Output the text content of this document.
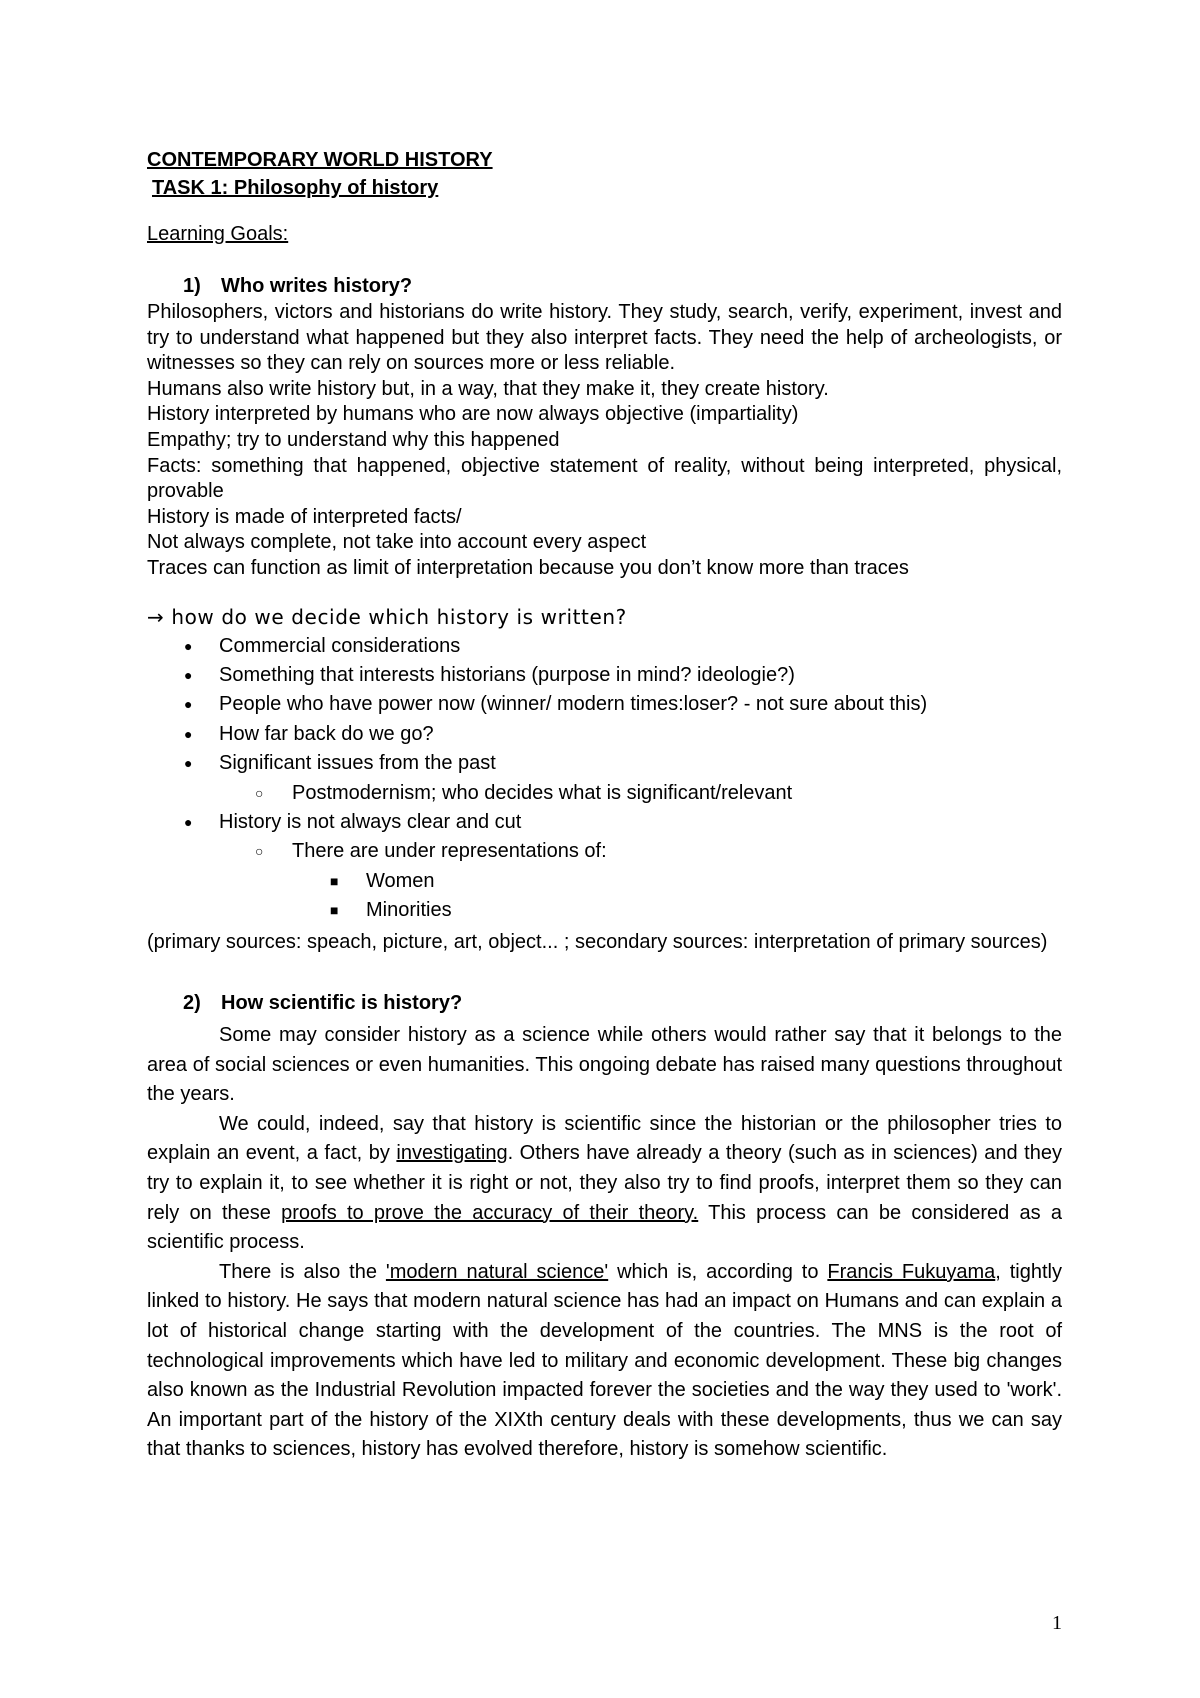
CONTEMPORARY WORLD HISTORY

TASK 1: Philosophy of history

Learning Goals:

1) Who writes history?

Philosophers, victors and historians do write history. They study, search, verify, experiment, invest and try to understand what happened but they also interpret facts. They need the help of archeologists, or witnesses so they can rely on sources more or less reliable.

Humans also write history but, in a way, that they make it, they create history.

History interpreted by humans who are now always objective (impartiality)

Empathy; try to understand why this happened

Facts: something that happened, objective statement of reality, without being interpreted, physical, provable

History is made of interpreted facts/

Not always complete, not take into account every aspect

Traces can function as limit of interpretation because you don’t know more than traces

→ how do we decide which history is written?

● Commercial considerations
● Something that interests historians (purpose in mind? ideologie?)
● People who have power now (winner/ modern times:loser? - not sure about this)
● How far back do we go?
● Significant issues from the past
○ Postmodernism; who decides what is significant/relevant
● History is not always clear and cut
○ There are under representations of:
■ Women
■ Minorities

(primary sources: speach, picture, art, object... ; secondary sources: interpretation of primary sources)

2) How scientific is history?

Some may consider history as a science while others would rather say that it belongs to the area of social sciences or even humanities. This ongoing debate has raised many questions throughout the years.

We could, indeed, say that history is scientific since the historian or the philosopher tries to explain an event, a fact, by investigating. Others have already a theory (such as in sciences) and they try to explain it, to see whether it is right or not, they also try to find proofs, interpret them so they can rely on these proofs to prove the accuracy of their theory. This process can be considered as a scientific process.

There is also the 'modern natural science' which is, according to Francis Fukuyama, tightly linked to history. He says that modern natural science has had an impact on Humans and can explain a lot of historical change starting with the development of the countries. The MNS is the root of technological improvements which have led to military and economic development. These big changes also known as the Industrial Revolution impacted forever the societies and the way they used to 'work'. An important part of the history of the XIXth century deals with these developments, thus we can say that thanks to sciences, history has evolved therefore, history is somehow scientific.

1
